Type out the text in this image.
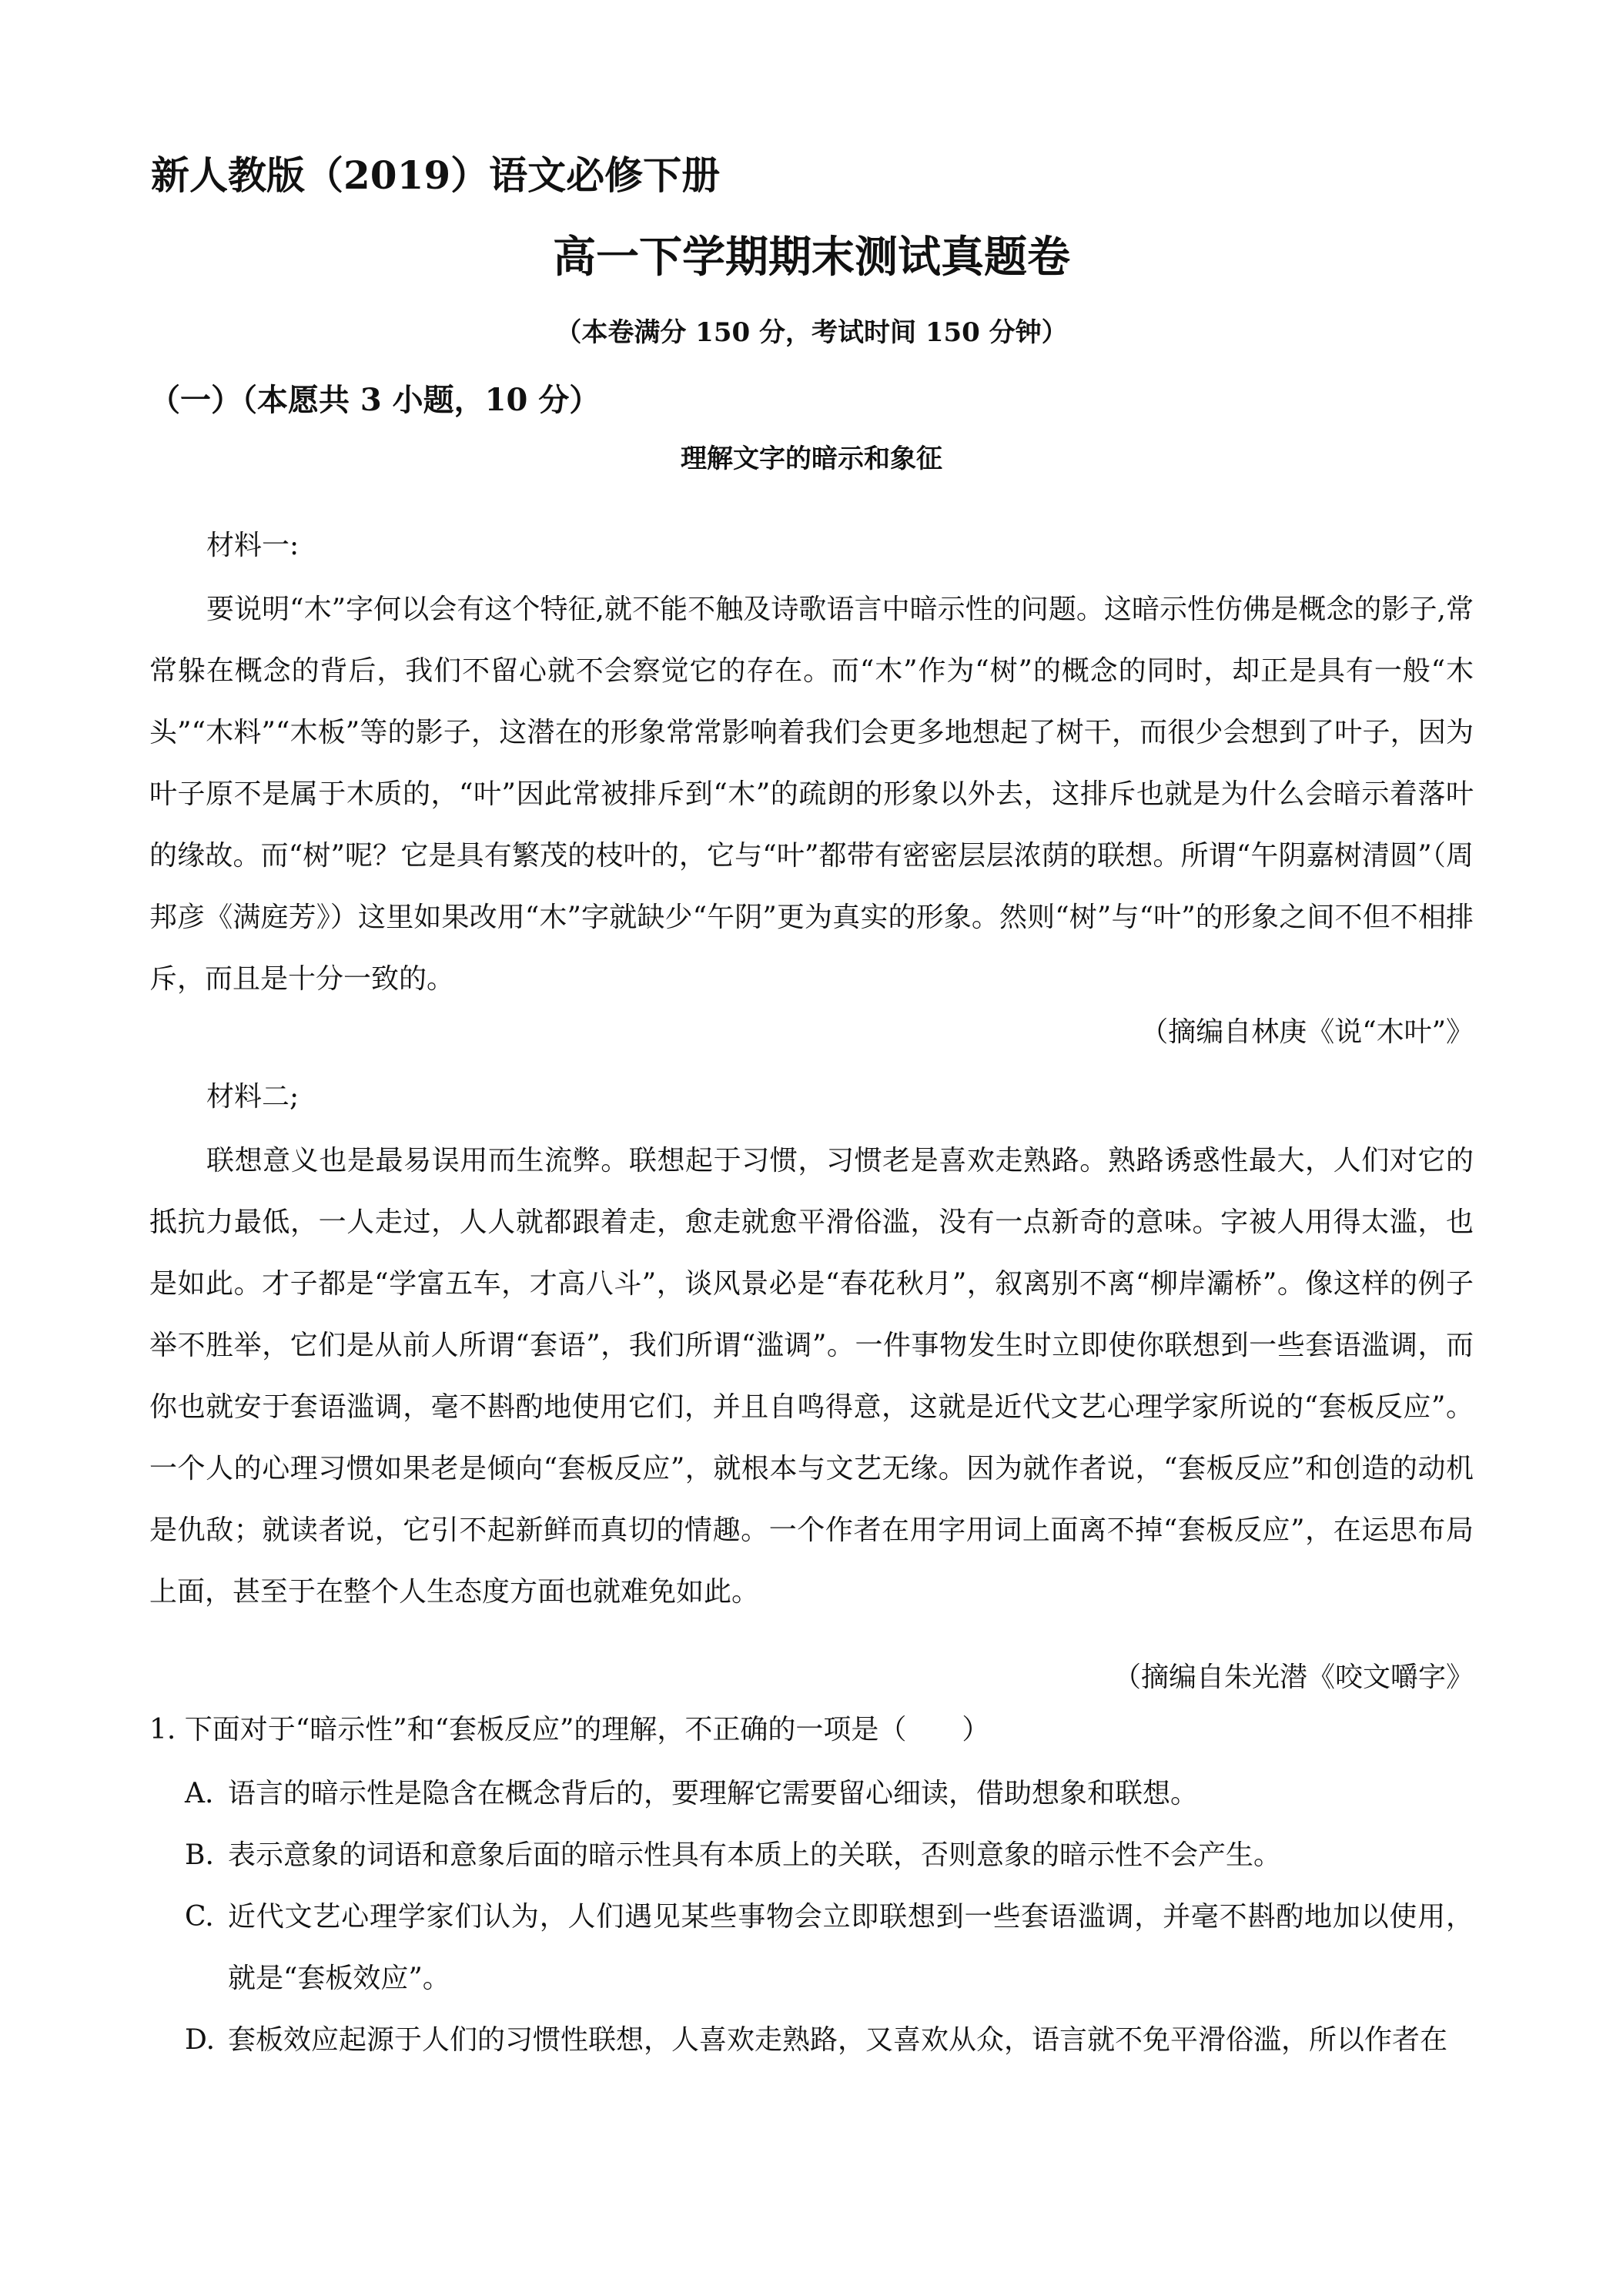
新人教版（2019）语文必修下册
高一下学期期末测试真题卷
（本卷满分 150 分，考试时间 150 分钟）
（一）（本愿共 3 小题，10 分）
理解文字的暗示和象征
材料一:

要说明“木”字何以会有这个特征,就不能不触及诗歌语言中暗示性的问题。这暗示性仿佛是概念的影子,常常躲在概念的背后，我们不留心就不会察觉它的存在。而“木”作为“树”的概念的同时，却正是具有一般“木头”“木料”“木板”等的影子，这潜在的形象常常影响着我们会更多地想起了树干，而很少会想到了叶子，因为叶子原不是属于木质的，“叶”因此常被排斥到“木”的疏朗的形象以外去，这排斥也就是为什么会暗示着落叶的缘故。而“树”呢？它是具有繁茂的枝叶的，它与“叶”都带有密密层层浓荫的联想。所谓“午阴嘉树清圆”（周邦彦《满庭芳》）这里如果改用“木”字就缺少“午阴”更为真实的形象。然则“树”与“叶”的形象之间不但不相排斥，而且是十分一致的。

（摘编自林庚《说“木叶”》
材料二;

联想意义也是最易误用而生流弊。联想起于习惯，习惯老是喜欢走熟路。熟路诱惑性最大，人们对它的抵抗力最低，一人走过，人人就都跟着走，愈走就愈平滑俗滥，没有一点新奇的意味。字被人用得太滥，也是如此。才子都是“学富五车，才高八斗”，谈风景必是“春花秋月”，叙离别不离“柳岸灞桥”。像这样的例子举不胜举，它们是从前人所谓“套语”，我们所谓“滥调”。一件事物发生时立即使你联想到一些套语滥调，而你也就安于套语滥调，毫不斟酌地使用它们，并且自鸣得意，这就是近代文艺心理学家所说的“套板反应”。一个人的心理习惯如果老是倾向“套板反应”，就根本与文艺无缘。因为就作者说，“套板反应”和创造的动机是仇敌；就读者说，它引不起新鲜而真切的情趣。一个作者在用字用词上面离不掉“套板反应”，在运思布局上面，甚至于在整个人生态度方面也就难免如此。

（摘编自朱光潜《咬文嚼字》
1. 下面对于“暗示性”和“套板反应”的理解，不正确的一项是（　　）
A. 语言的暗示性是隐含在概念背后的，要理解它需要留心细读，借助想象和联想。
B. 表示意象的词语和意象后面的暗示性具有本质上的关联，否则意象的暗示性不会产生。
C. 近代文艺心理学家们认为，人们遇见某些事物会立即联想到一些套语滥调，并毫不斟酌地加以使用，就是“套板效应”。
D. 套板效应起源于人们的习惯性联想，人喜欢走熟路，又喜欢从众，语言就不免平滑俗滥，所以作者在
